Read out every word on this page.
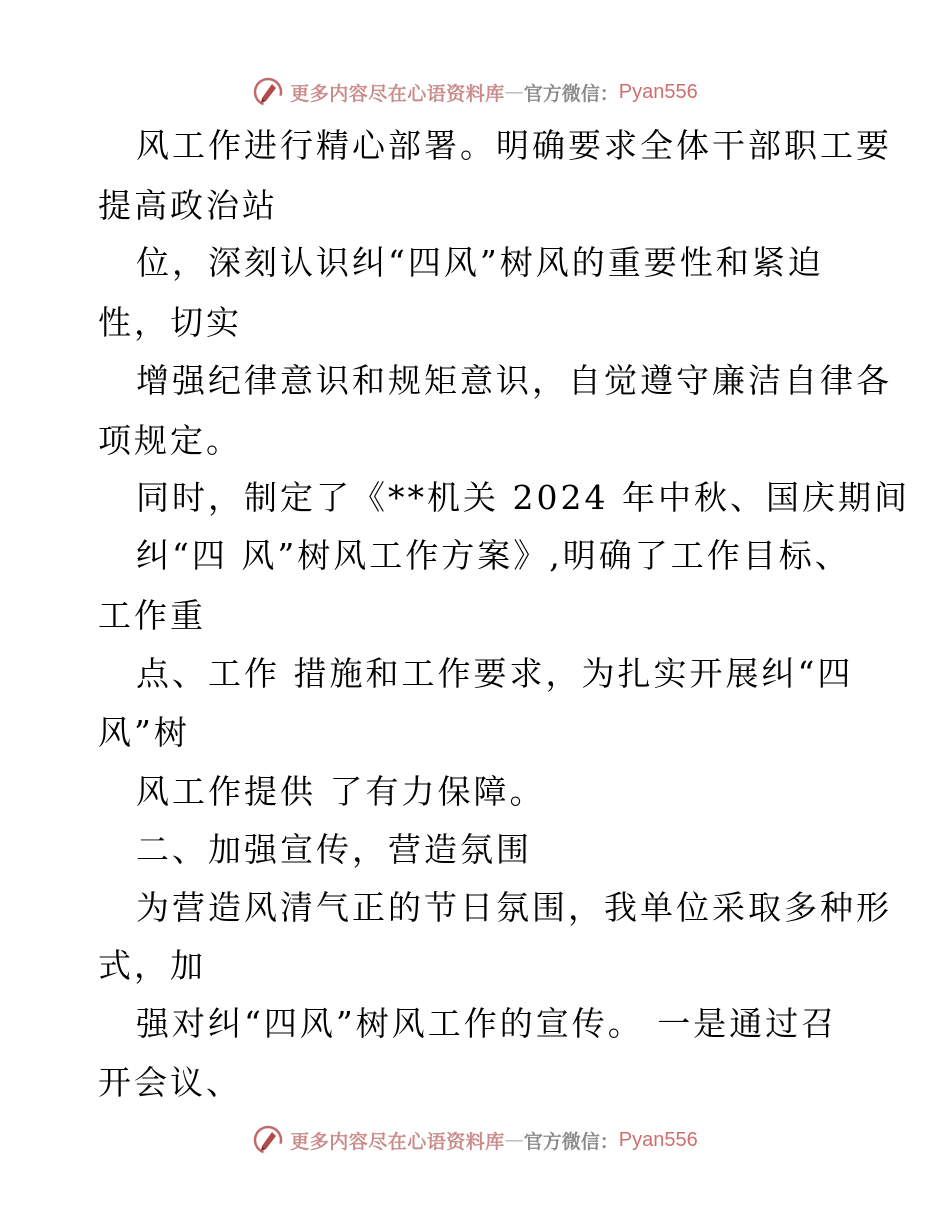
更多内容尽在心语资料库 — 官方微信： Pyan556
风工作进行精心部署。明确要求全体干部职工要
提高政治站
位，深刻认识纠“四风”树风的重要性和紧迫
性，切实
增强纪律意识和规矩意识，自觉遵守廉洁自律各
项规定。
同时，制定了《**机关 2024 年中秋、国庆期间
纠“四 风”树风工作方案》,明确了工作目标、
工作重
点、工作 措施和工作要求，为扎实开展纠“四
风”树
风工作提供 了有力保障。
二、加强宣传，营造氛围
为营造风清气正的节日氛围，我单位采取多种形
式，加
强对纠“四风”树风工作的宣传。 一是通过召
开会议、
更多内容尽在心语资料库 — 官方微信： Pyan556
